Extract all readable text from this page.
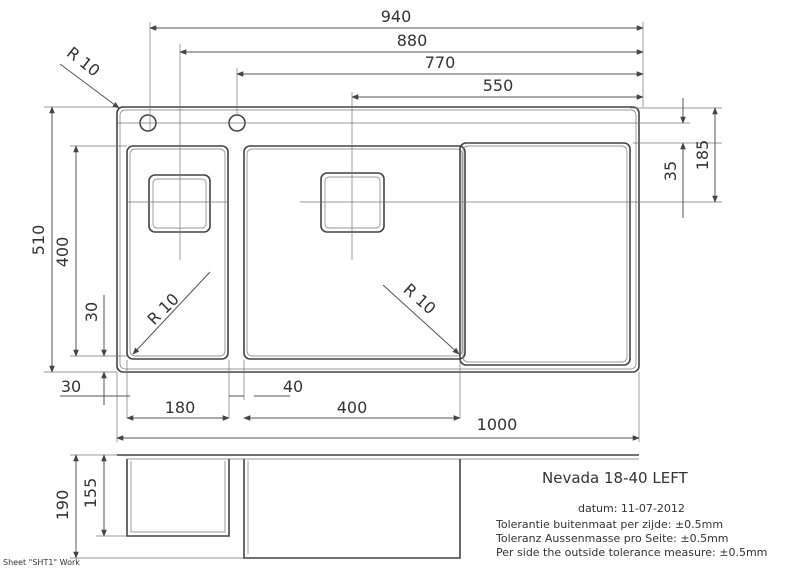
940
880
770
550
35
185
510 400
30
30
180
40
400
1000
R 10
R 10	R 10
190 155	Nevada 18-40 LEFT
datum: 11-07-2012
Tolerantie buitenmaat per zijde: ±0.5mm
Toleranz Aussenmasse pro Seite: ±0.5mm
Per side the outside tolerance measure: ±0.5mm
Sheet "SHT1" Work
